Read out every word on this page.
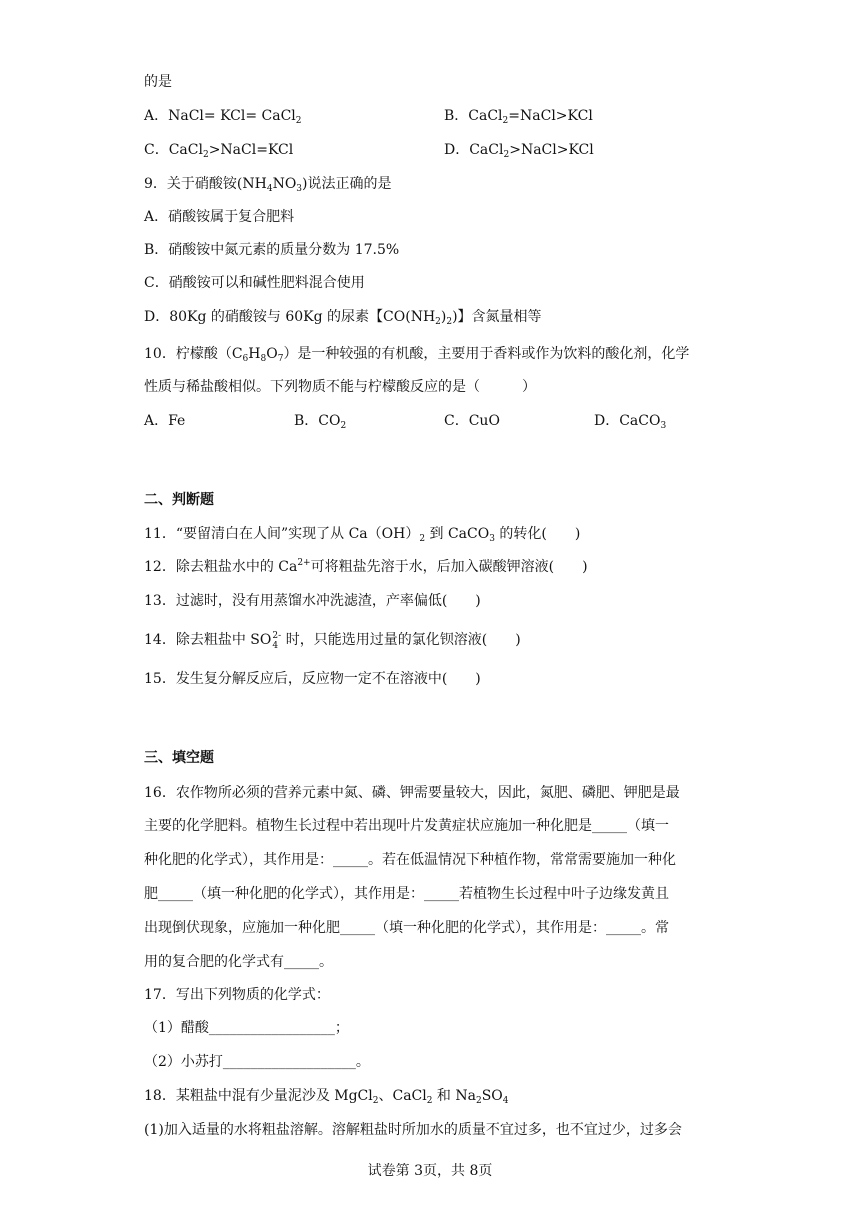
的是
A．NaCl= KCl= CaCl$_2$	B．CaCl$_2$=NaCl>KCl
C．CaCl$_2$>NaCl=KCl	D．CaCl$_2$>NaCl>KCl
9．关于硝酸铵$(NH_4NO_3)$说法正确的是
A．硝酸铵属于复合肥料
B．硝酸铵中氮元素的质量分数为 17.5%
C．硝酸铵可以和碱性肥料混合使用
D．80Kg 的硝酸铵与 60Kg 的尿素【$CO(NH_2)_2$)】含氮量相等
10．柠檬酸$(C_6H_8O_7)$是一种较强的有机酸，主要用于香料或作为饮料的酸化剂，化学
性质与稀盐酸相似。下列物质不能与柠檬酸反应的是（　　　）
A．Fe	B．$CO_2$	C．CuO	D．CaCO$_3$
二、判断题
11．“要留清白在人间”实现了从 $Ca(OH)_2$ 到 CaCO$_3$ 的转化(　　)
12．除去粗盐水中的 $Ca^{2+}$可将粗盐先溶于水，后加入碳酸钾溶液(　　)
13．过滤时，没有用蒸馏水冲洗滤渣，产率偏低(　　)
14．除去粗盐中 SO 2-
4 时，只能选用过量的氯化钡溶液(　　)
15．发生复分解反应后，反应物一定不在溶液中(　　)
三、填空题
16．农作物所必须的营养元素中氮、磷、钾需要量较大，因此，氮肥、磷肥、钾肥是最
主要的化学肥料。植物生长过程中若出现叶片发黄症状应施加一种化肥是_____（填一
种化肥的化学式），其作用是：_____。若在低温情况下种植作物，常常需要施加一种化
肥_____（填一种化肥的化学式），其作用是：_____若植物生长过程中叶子边缘发黄且
出现倒伏现象，应施加一种化肥_____（填一种化肥的化学式），其作用是：_____。常
用的复合肥的化学式有_____。
17．写出下列物质的化学式：
（1）醋酸__________________；
（2）小苏打___________________。
18．某粗盐中混有少量泥沙及 MgCl$_2$、CaCl$_2$ 和 $Na_2SO_4$
(1)加入适量的水将粗盐溶解。溶解粗盐时所加水的质量不宜过多，也不宜过少，过多会
试卷第 3页，共 8页
